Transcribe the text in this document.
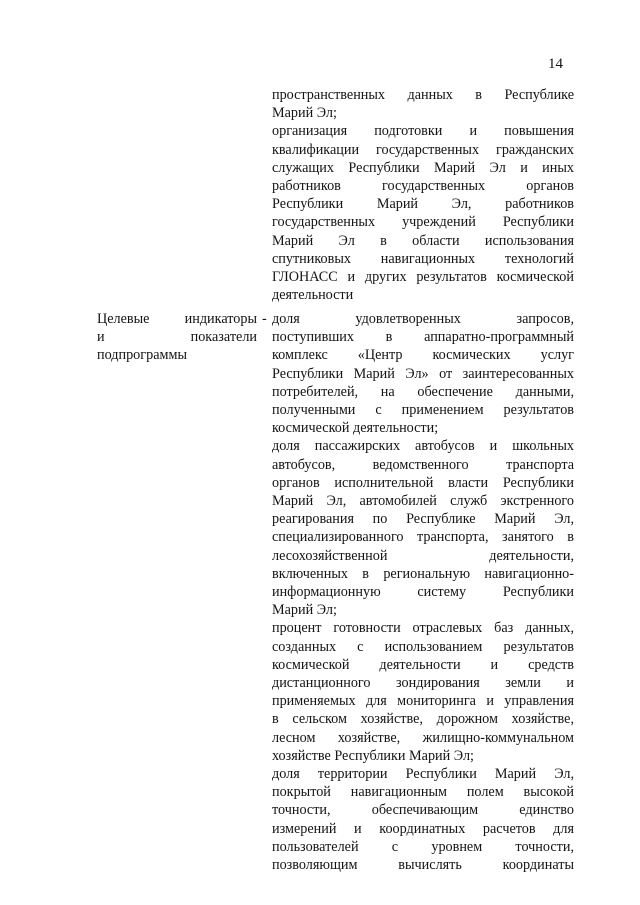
14
пространственных данных в Республике
Марий Эл;
организация подготовки и повышения
квалификации государственных гражданских
служащих Республики Марий Эл и иных
работников государственных органов
Республики Марий Эл, работников
государственных учреждений Республики
Марий Эл в области использования
спутниковых навигационных технологий
ГЛОНАСС и других результатов космической
деятельности
Целевые индикаторы
и показатели
подпрограммы
- доля удовлетворенных запросов,
поступивших в аппаратно-программный
комплекс «Центр космических услуг
Республики Марий Эл» от заинтересованных
потребителей, на обеспечение данными,
полученными с применением результатов
космической деятельности;
доля пассажирских автобусов и школьных
автобусов, ведомственного транспорта
органов исполнительной власти Республики
Марий Эл, автомобилей служб экстренного
реагирования по Республике Марий Эл,
специализированного транспорта, занятого в
лесохозяйственной деятельности,
включенных в региональную навигационно-
информационную систему Республики
Марий Эл;
процент готовности отраслевых баз данных,
созданных с использованием результатов
космической деятельности и средств
дистанционного зондирования земли и
применяемых для мониторинга и управления
в сельском хозяйстве, дорожном хозяйстве,
лесном хозяйстве, жилищно-коммунальном
хозяйстве Республики Марий Эл;
доля территории Республики Марий Эл,
покрытой навигационным полем высокой
точности, обеспечивающим единство
измерений и координатных расчетов для
пользователей с уровнем точности,
позволяющим вычислять координаты
